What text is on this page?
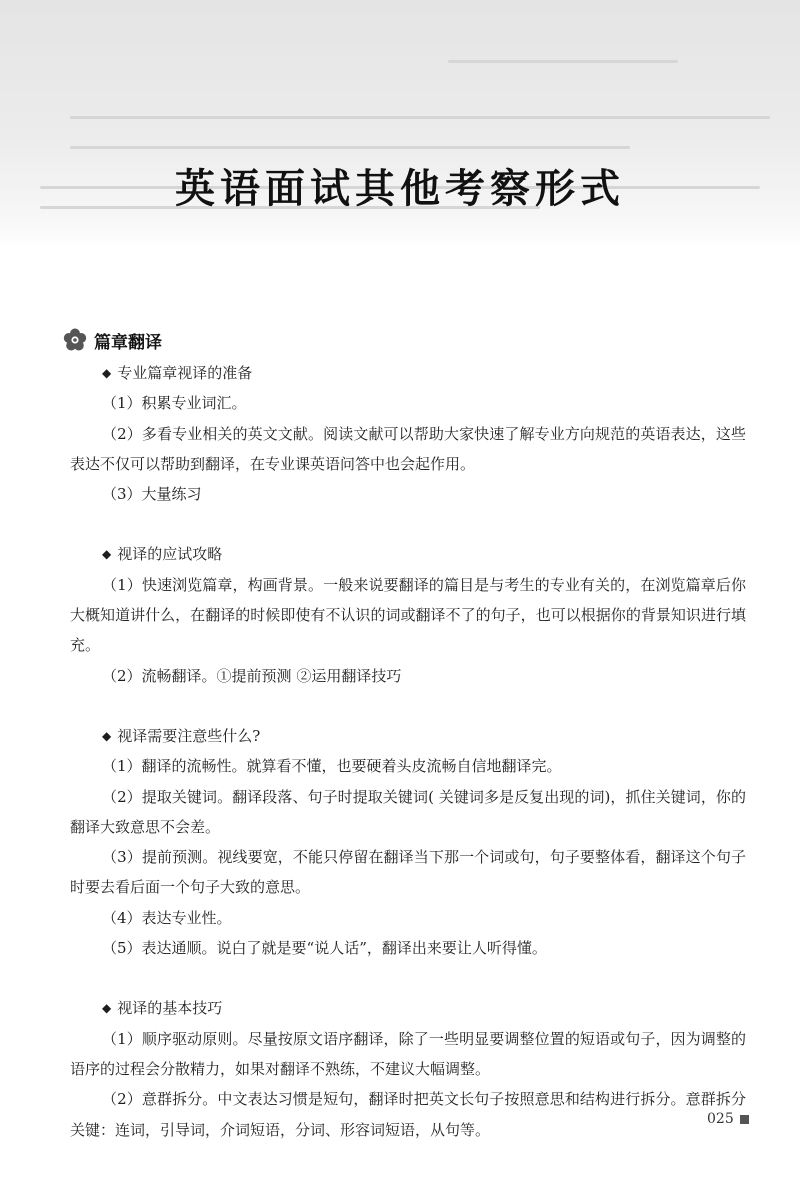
英语面试其他考察形式
篇章翻译
◆ 专业篇章视译的准备
（1）积累专业词汇。
（2）多看专业相关的英文文献。阅读文献可以帮助大家快速了解专业方向规范的英语表达，这些表达不仅可以帮助到翻译，在专业课英语问答中也会起作用。
（3）大量练习
◆ 视译的应试攻略
（1）快速浏览篇章，构画背景。一般来说要翻译的篇目是与考生的专业有关的，在浏览篇章后你大概知道讲什么，在翻译的时候即使有不认识的词或翻译不了的句子，也可以根据你的背景知识进行填充。
（2）流畅翻译。①提前预测 ②运用翻译技巧
◆ 视译需要注意些什么?
（1）翻译的流畅性。就算看不懂，也要硬着头皮流畅自信地翻译完。
（2）提取关键词。翻译段落、句子时提取关键词( 关键词多是反复出现的词)，抓住关键词，你的翻译大致意思不会差。
（3）提前预测。视线要宽，不能只停留在翻译当下那一个词或句，句子要整体看，翻译这个句子时要去看后面一个句子大致的意思。
（4）表达专业性。
（5）表达通顺。说白了就是要“说人话”，翻译出来要让人听得懂。
◆ 视译的基本技巧
（1）顺序驱动原则。尽量按原文语序翻译，除了一些明显要调整位置的短语或句子，因为调整的语序的过程会分散精力，如果对翻译不熟练，不建议大幅调整。
（2）意群拆分。中文表达习惯是短句，翻译时把英文长句子按照意思和结构进行拆分。意群拆分关键：连词，引导词，介词短语，分词、形容词短语，从句等。
025
